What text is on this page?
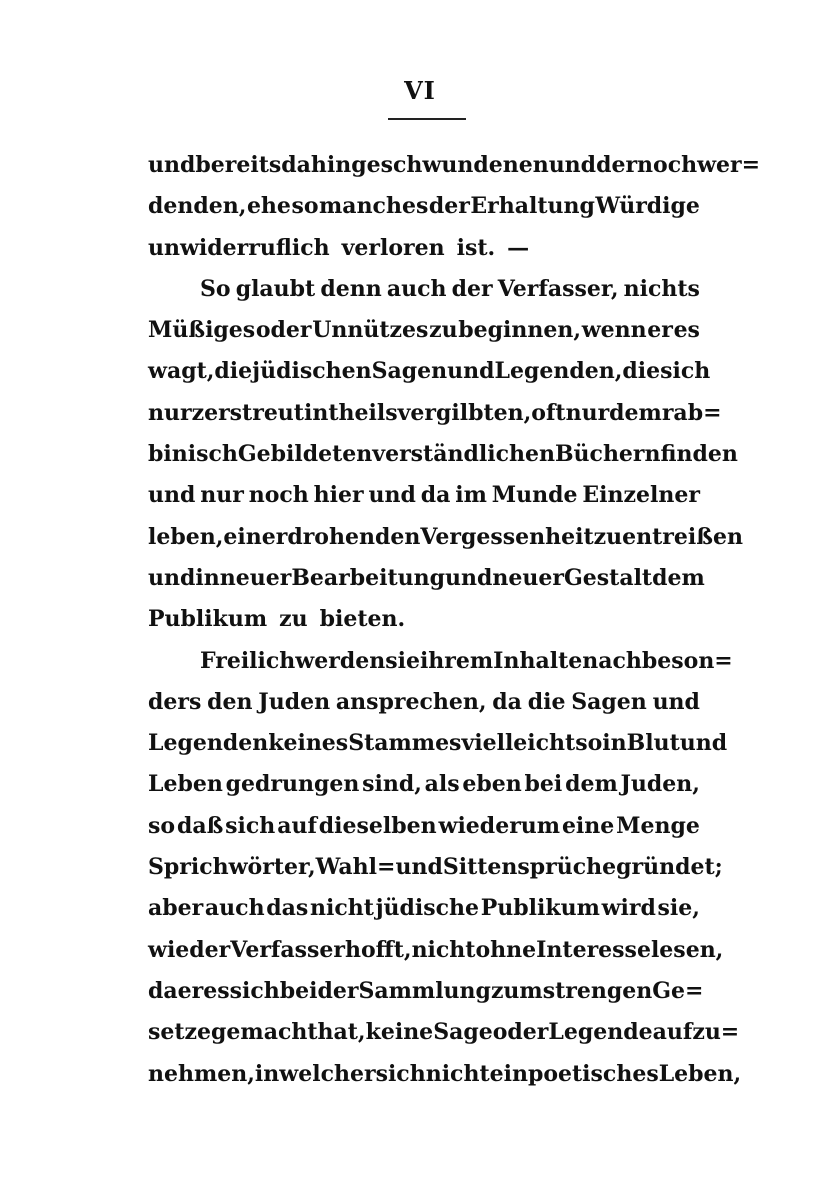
VI
und bereits dahingeschwundenen und der noch wer=
denden, ehe so manches der Erhaltung Würdige
unwiderruflich verloren ist. —
So glaubt denn auch der Verfasser, nichts
Müßiges oder Unnützes zu beginnen, wenn er es
wagt, die jüdischen Sagen und Legenden, die sich
nur zerstreut in theils vergilbten, oft nur dem rab=
binisch Gebildeten verständlichen Büchern finden
und nur noch hier und da im Munde Einzelner
leben, einer drohenden Vergessenheit zu entreißen
und in neuer Bearbeitung und neuer Gestalt dem
Publikum zu bieten.
Freilich werden sie ihrem Inhalte nach beson=
ders den Juden ansprechen, da die Sagen und
Legenden keines Stammes vielleicht so in Blut und
Leben gedrungen sind, als eben bei dem Juden,
so daß sich auf dieselben wiederum eine Menge
Sprichwörter, Wahl= und Sittensprüche gründet;
aber auch das nicht jüdische Publikum wird sie,
wie der Verfasser hofft, nicht ohne Interesse lesen,
da er es sich bei der Sammlung zum strengen Ge=
setze gemacht hat, keine Sage oder Legende aufzu=
nehmen, in welcher sich nicht ein poetisches Leben,
